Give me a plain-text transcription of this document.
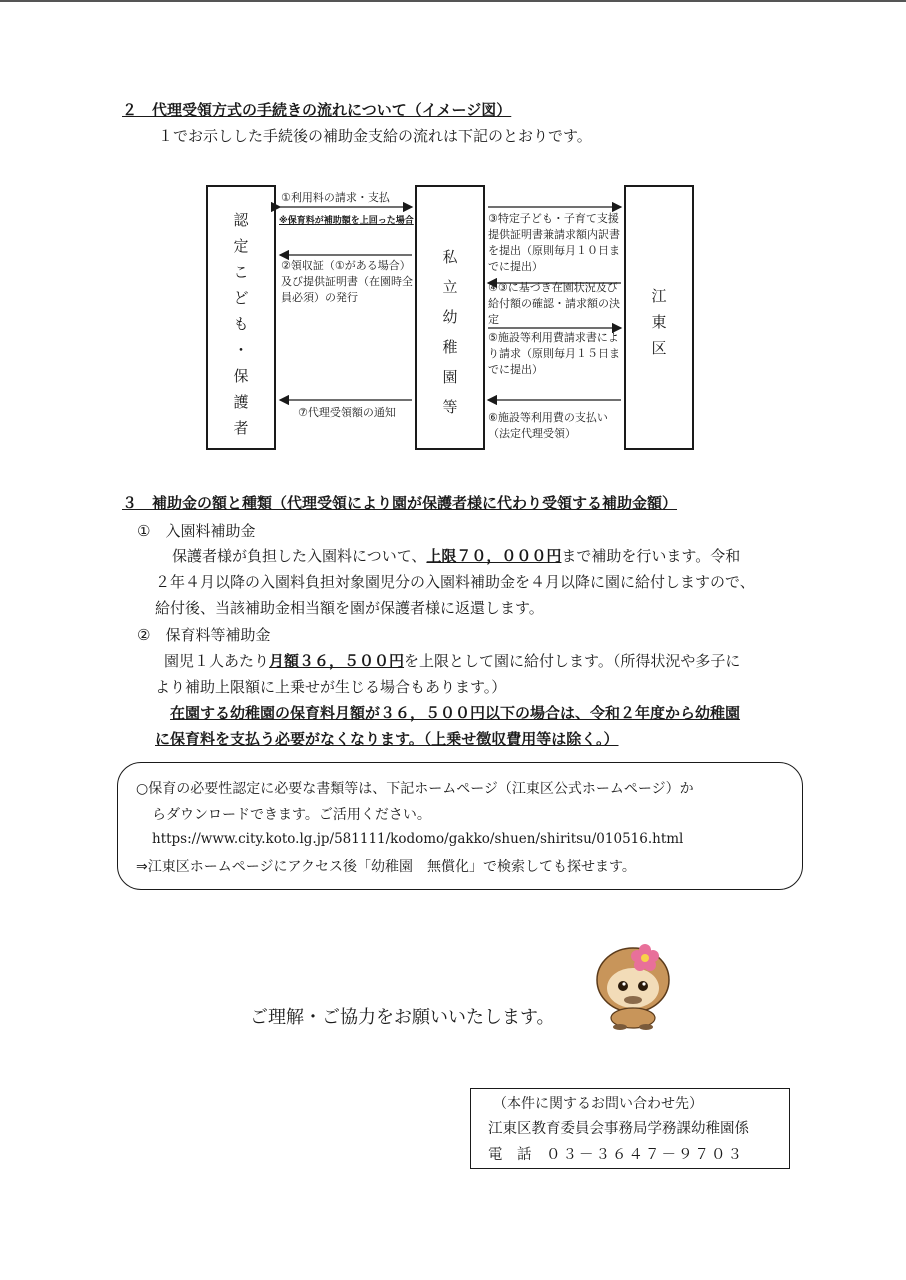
２　代理受領方式の手続きの流れについて（イメージ図）
１でお示しした手続後の補助金支給の流れは下記のとおりです。
認
定
こ
ど
も
・
保
護
者
私
立
幼
稚
園
等
江
東
区
①利用料の請求・支払
※保育料が補助額を上回った場合
②領収証（①がある場合）
及び提供証明書（在園時全
員必須）の発行
⑦代理受領額の通知
③特定子ども・子育て支援
提供証明書兼請求額内訳書
を提出（原則毎月１０日ま
でに提出）
④③に基づき在園状況及び
給付額の確認・請求額の決
定
⑤施設等利用費請求書によ
り請求（原則毎月１５日ま
でに提出）
⑥施設等利用費の支払い
（法定代理受領）
３　補助金の額と種類（代理受領により園が保護者様に代わり受領する補助金額）
①　入園料補助金
保護者様が負担した入園料について、上限７０，０００円まで補助を行います。令和
２年４月以降の入園料負担対象園児分の入園料補助金を４月以降に園に給付しますので、
給付後、当該補助金相当額を園が保護者様に返還します。
②　保育料等補助金
園児１人あたり月額３６，５００円を上限として園に給付します。（所得状況や多子に
より補助上限額に上乗せが生じる場合もあります。）
在園する幼稚園の保育料月額が３６，５００円以下の場合は、令和２年度から幼稚園
に保育料を支払う必要がなくなります。（上乗せ徴収費用等は除く。）
○保育の必要性認定に必要な書類等は、下記ホームページ（江東区公式ホームページ）か
らダウンロードできます。ご活用ください。
https://www.city.koto.lg.jp/581111/kodomo/gakko/shuen/shiritsu/010516.html
⇒江東区ホームページにアクセス後「幼稚園　無償化」で検索しても探せます。
ご理解・ご協力をお願いいたします。
（本件に関するお問い合わせ先）
江東区教育委員会事務局学務課幼稚園係
電　話　 ０３－３６４７－９７０３
